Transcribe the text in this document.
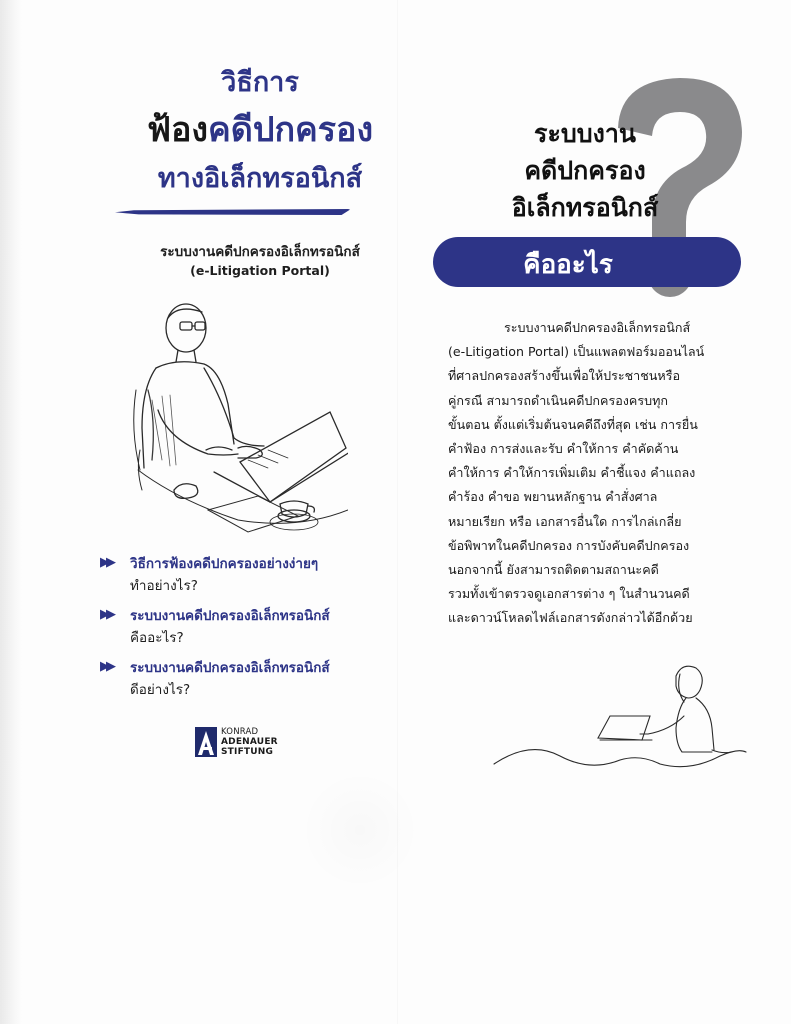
วิธีการ
ฟ้องคดีปกครอง
ทางอิเล็กทรอนิกส์
ระบบงานคดีปกครองอิเล็กทรอนิกส์
(e-Litigation Portal)
▶▶ วิธีการฟ้องคดีปกครองอย่างง่ายๆ
ทำอย่างไร?
▶▶ ระบบงานคดีปกครองอิเล็กทรอนิกส์
คืออะไร?
▶▶ ระบบงานคดีปกครองอิเล็กทรอนิกส์
ดีอย่างไร?
KONRAD
ADENAUER
STIFTUNG
ระบบงาน
คดีปกครอง
อิเล็กทรอนิกส์
คืออะไร
ระบบงานคดีปกครองอิเล็กทรอนิกส์
(e-Litigation Portal) เป็นแพลตฟอร์มออนไลน์
ที่ศาลปกครองสร้างขึ้นเพื่อให้ประชาชนหรือ
คู่กรณี สามารถดำเนินคดีปกครองครบทุก
ขั้นตอน ตั้งแต่เริ่มต้นจนคดีถึงที่สุด เช่น การยื่น
คำฟ้อง การส่งและรับ คำให้การ คำคัดค้าน
คำให้การ คำให้การเพิ่มเติม คำชี้แจง คำแถลง
คำร้อง คำขอ พยานหลักฐาน คำสั่งศาล
หมายเรียก หรือ เอกสารอื่นใด การไกล่เกลี่ย
ข้อพิพาทในคดีปกครอง การบังคับคดีปกครอง
นอกจากนี้ ยังสามารถติดตามสถานะคดี
รวมทั้งเข้าตรวจดูเอกสารต่าง ๆ ในสำนวนคดี
และดาวน์โหลดไฟล์เอกสารดังกล่าวได้อีกด้วย
